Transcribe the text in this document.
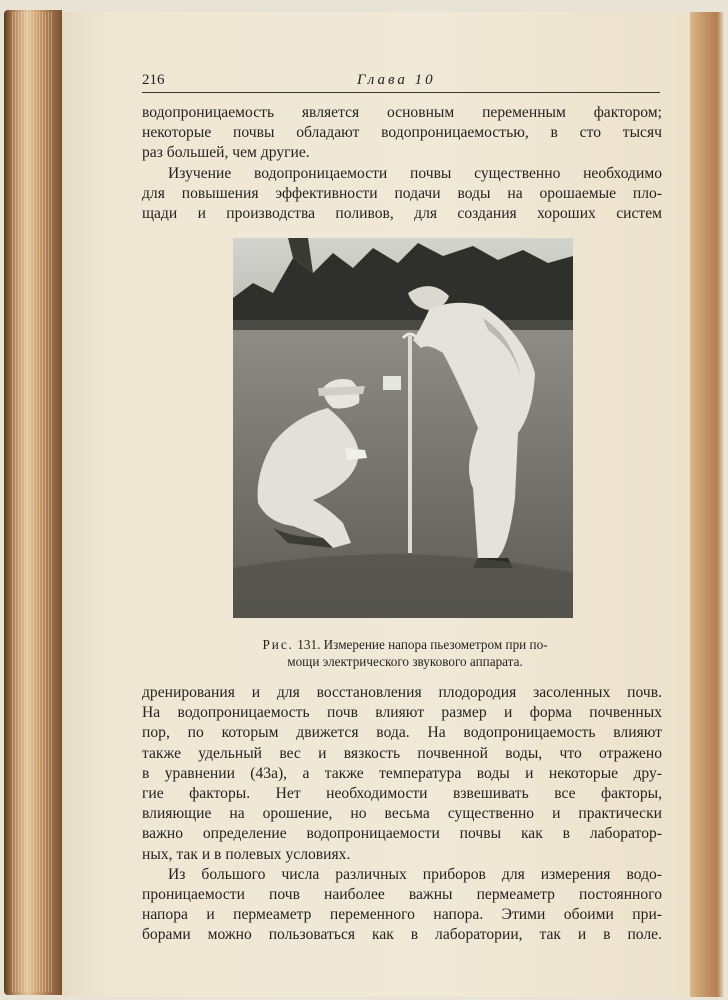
216	Глава 10
водопроницаемость является основным переменным фактором;
некоторые почвы обладают водопроницаемостью, в сто тысяч
раз большей, чем другие.
Изучение водопроницаемости почвы существенно необходимо
для повышения эффективности подачи воды на орошаемые пло-
щади и производства поливов, для создания хороших систем
Рис. 131. Измерение напора пьезометром при по-
мощи электрического звукового аппарата.
дренирования и для восстановления плодородия засоленных почв.
На водопроницаемость почв влияют размер и форма почвенных
пор, по которым движется вода. На водопроницаемость влияют
также удельный вес и вязкость почвенной воды, что отражено
в уравнении (43а), а также температура воды и некоторые дру-
гие факторы. Нет необходимости взвешивать все факторы,
влияющие на орошение, но весьма существенно и практически
важно определение водопроницаемости почвы как в лаборатор-
ных, так и в полевых условиях.
Из большого числа различных приборов для измерения водо-
проницаемости почв наиболее важны пермеаметр постоянного
напора и пермеаметр переменного напора. Этими обоими при-
борами можно пользоваться как в лаборатории, так и в поле.
